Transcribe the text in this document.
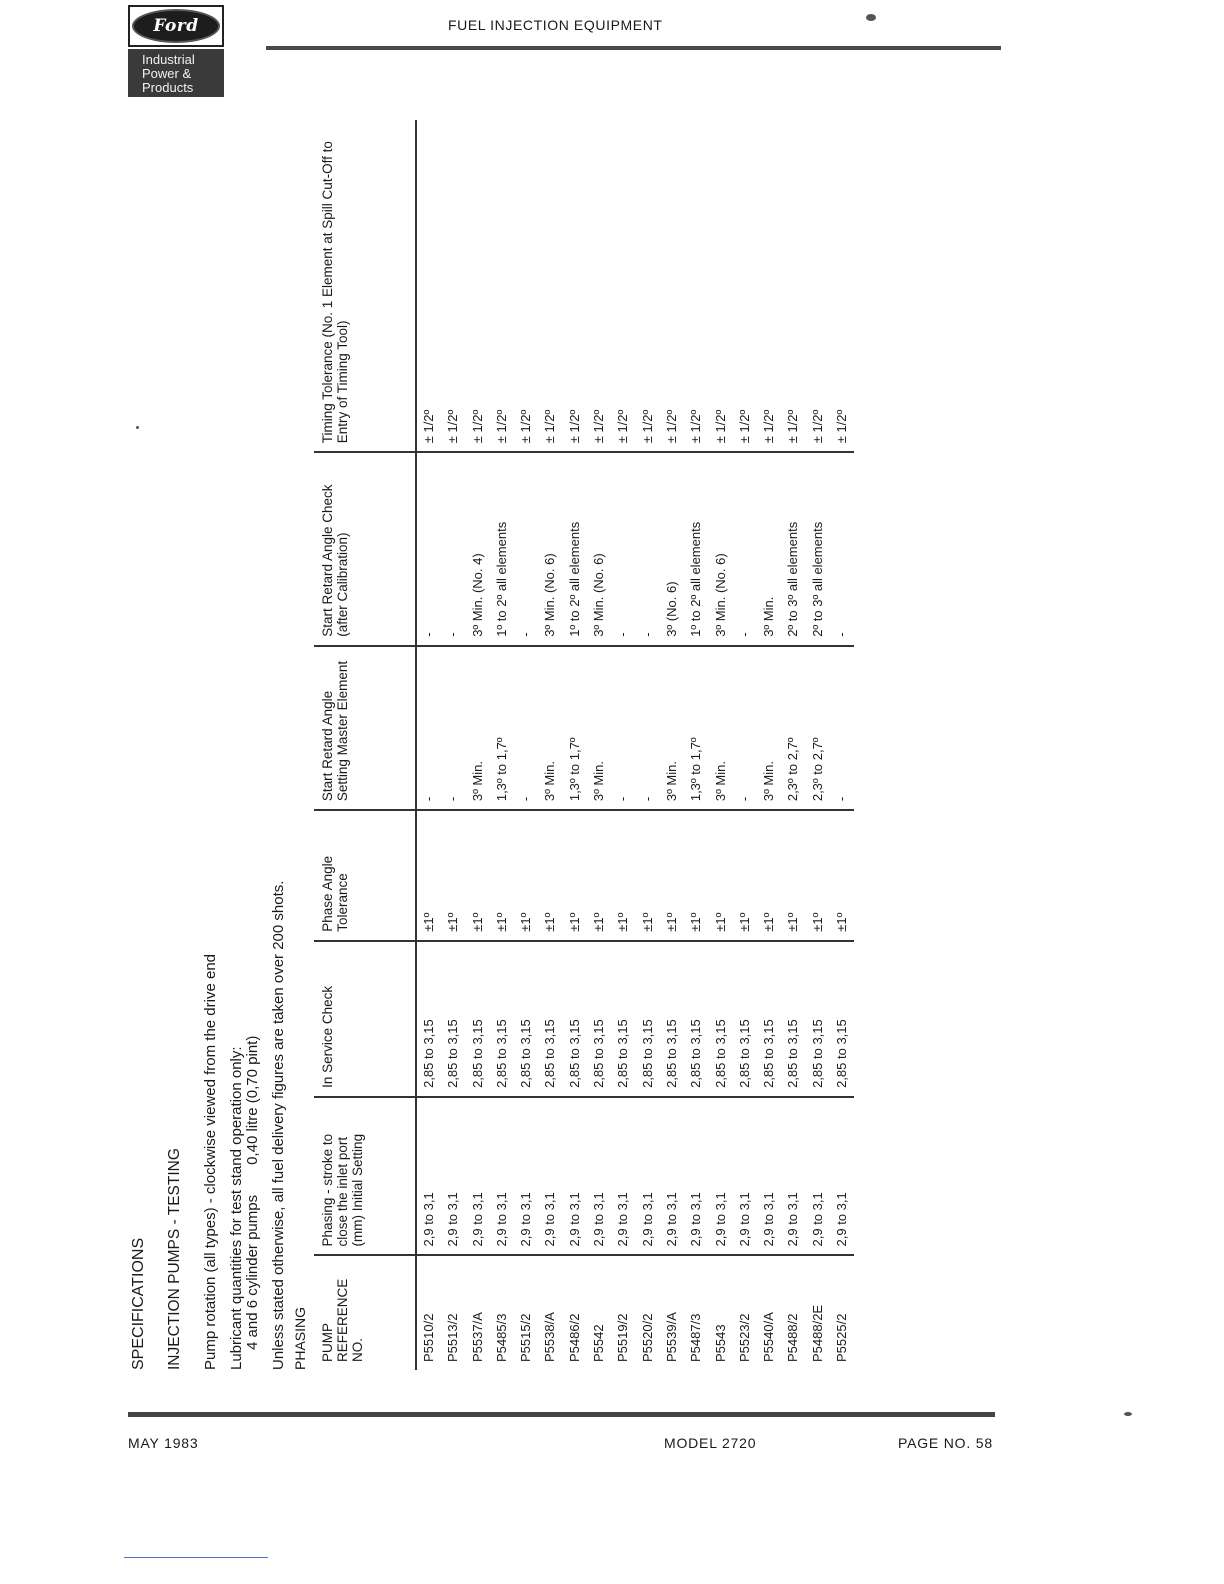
Ford
Industrial
Power &
Products
FUEL INJECTION EQUIPMENT
SPECIFICATIONS INJECTION PUMPS - TESTING Pump rotation (all types) - clockwise viewed from the drive end Lubricant quantities for test stand operation only: 4 and 6 cylinder pumps0,40 litre (0,70 pint) Unless stated otherwise, all fuel delivery figures are taken over 200 shots. PHASING PUMP REFERENCE NO.	Phasing - stroke to close the inlet port (mm) Initial Setting	In Service Check	Phase Angle Tolerance	Start Retard Angle Setting Master Element	Start Retard Angle Check (after Calibration)	Timing Tolerance (No. 1 Element at Spill Cut-Off to Entry of Timing Tool)
P5510/2	2,9 to 3,1	2,85 to 3,15	±1º	-	-	± 1/2º
P5513/2	2,9 to 3,1	2,85 to 3,15	±1º	-	-	± 1/2º
P5537/A	2,9 to 3,1	2,85 to 3,15	±1º	3º Min.	3º Min. (No. 4)	± 1/2º
P5485/3	2,9 to 3,1	2,85 to 3,15	±1º	1,3º to 1,7º	1º to 2º all elements	± 1/2º
P5515/2	2,9 to 3,1	2,85 to 3,15	±1º	-	-	± 1/2º
P5538/A	2,9 to 3,1	2,85 to 3,15	±1º	3º Min.	3º Min. (No. 6)	± 1/2º
P5486/2	2,9 to 3,1	2,85 to 3,15	±1º	1,3º to 1,7º	1º to 2º all elements	± 1/2º
P5542	2,9 to 3,1	2,85 to 3,15	±1º	3º Min.	3º Min. (No. 6)	± 1/2º
P5519/2	2,9 to 3,1	2,85 to 3,15	±1º	-	-	± 1/2º
P5520/2	2,9 to 3,1	2,85 to 3,15	±1º	-	-	± 1/2º
P5539/A	2,9 to 3,1	2,85 to 3,15	±1º	3º Min.	3º (No. 6)	± 1/2º
P5487/3	2,9 to 3,1	2,85 to 3,15	±1º	1,3º to 1,7º	1º to 2º all elements	± 1/2º
P5543	2,9 to 3,1	2,85 to 3,15	±1º	3º Min.	3º Min. (No. 6)	± 1/2º
P5523/2	2,9 to 3,1	2,85 to 3,15	±1º	-	-	± 1/2º
P5540/A	2,9 to 3,1	2,85 to 3,15	±1º	3º Min.	3º Min.	± 1/2º
P5488/2	2,9 to 3,1	2,85 to 3,15	±1º	2,3º to 2,7º	2º to 3º all elements	± 1/2º
P5488/2E	2,9 to 3,1	2,85 to 3,15	±1º	2,3º to 2,7º	2º to 3º all elements	± 1/2º
P5525/2	2,9 to 3,1	2,85 to 3,15	±1º	-	-	± 1/2º
MAY 1983	MODEL 2720	PAGE NO. 58
